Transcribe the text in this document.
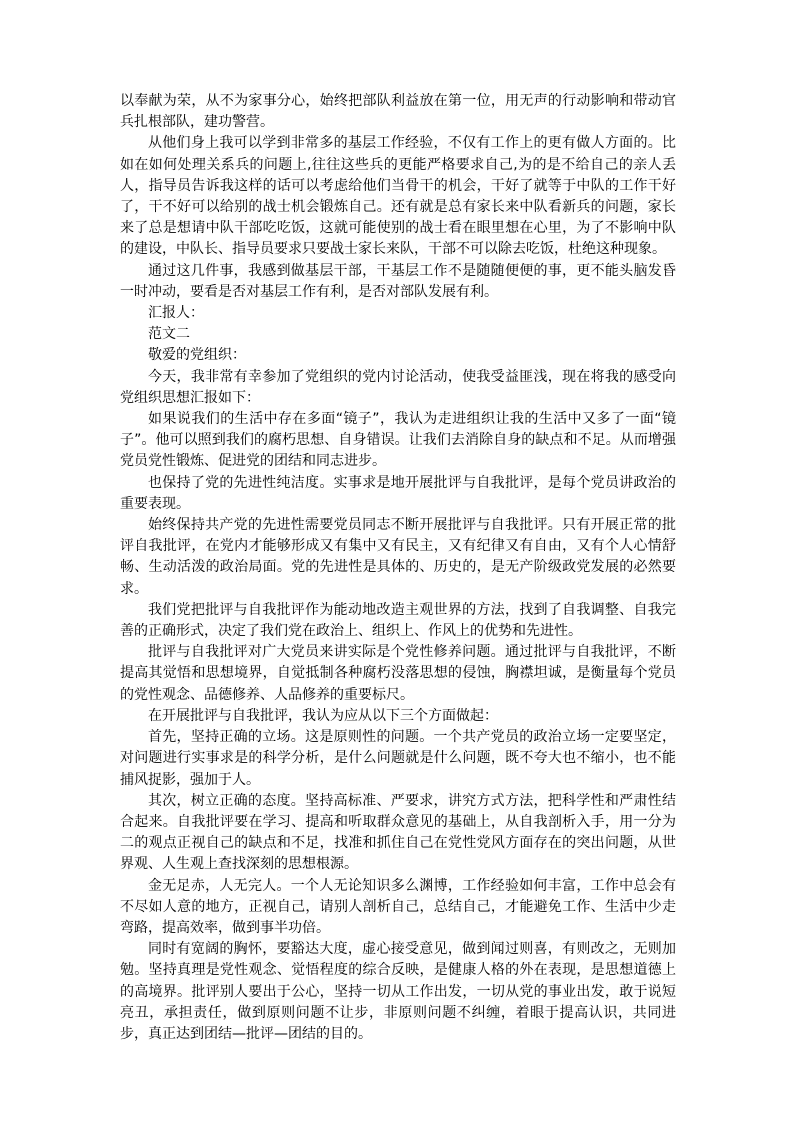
以奉献为荣，从不为家事分心，始终把部队利益放在第一位，用无声的行动影响和带动官兵扎根部队，建功警营。

从他们身上我可以学到非常多的基层工作经验，不仅有工作上的更有做人方面的。比如在如何处理关系兵的问题上,往往这些兵的更能严格要求自己,为的是不给自己的亲人丢人，指导员告诉我这样的话可以考虑给他们当骨干的机会，干好了就等于中队的工作干好了，干不好可以给别的战士机会锻炼自己。还有就是总有家长来中队看新兵的问题，家长来了总是想请中队干部吃吃饭，这就可能使别的战士看在眼里想在心里，为了不影响中队的建设，中队长、指导员要求只要战士家长来队，干部不可以除去吃饭，杜绝这种现象。

通过这几件事，我感到做基层干部，干基层工作不是随随便便的事，更不能头脑发昏一时冲动，要看是否对基层工作有利，是否对部队发展有利。

汇报人：

范文二

敬爱的党组织：

今天，我非常有幸参加了党组织的党内讨论活动，使我受益匪浅，现在将我的感受向党组织思想汇报如下：

如果说我们的生活中存在多面“镜子”，我认为走进组织让我的生活中又多了一面“镜子”。他可以照到我们的腐朽思想、自身错误。让我们去消除自身的缺点和不足。从而增强党员党性锻炼、促进党的团结和同志进步。

也保持了党的先进性纯洁度。实事求是地开展批评与自我批评，是每个党员讲政治的重要表现。

始终保持共产党的先进性需要党员同志不断开展批评与自我批评。只有开展正常的批评自我批评，在党内才能够形成又有集中又有民主，又有纪律又有自由，又有个人心情舒畅、生动活泼的政治局面。党的先进性是具体的、历史的，是无产阶级政党发展的必然要求。

我们党把批评与自我批评作为能动地改造主观世界的方法，找到了自我调整、自我完善的正确形式，决定了我们党在政治上、组织上、作风上的优势和先进性。

批评与自我批评对广大党员来讲实际是个党性修养问题。通过批评与自我批评，不断提高其觉悟和思想境界，自觉抵制各种腐朽没落思想的侵蚀，胸襟坦诚，是衡量每个党员的党性观念、品德修养、人品修养的重要标尺。

在开展批评与自我批评，我认为应从以下三个方面做起：

首先，坚持正确的立场。这是原则性的问题。一个共产党员的政治立场一定要坚定，对问题进行实事求是的科学分析，是什么问题就是什么问题，既不夸大也不缩小，也不能捕风捉影，强加于人。

其次，树立正确的态度。坚持高标准、严要求，讲究方式方法，把科学性和严肃性结合起来。自我批评要在学习、提高和听取群众意见的基础上，从自我剖析入手，用一分为二的观点正视自己的缺点和不足，找准和抓住自己在党性党风方面存在的突出问题，从世界观、人生观上查找深刻的思想根源。

金无足赤，人无完人。一个人无论知识多么渊博，工作经验如何丰富，工作中总会有不尽如人意的地方，正视自己，请别人剖析自己，总结自己，才能避免工作、生活中少走弯路，提高效率，做到事半功倍。

同时有宽阔的胸怀，要豁达大度，虚心接受意见，做到闻过则喜，有则改之，无则加勉。坚持真理是党性观念、觉悟程度的综合反映，是健康人格的外在表现，是思想道德上的高境界。批评别人要出于公心，坚持一切从工作出发，一切从党的事业出发，敢于说短亮丑，承担责任，做到原则问题不让步，非原则问题不纠缠，着眼于提高认识，共同进步，真正达到团结—批评—团结的目的。
